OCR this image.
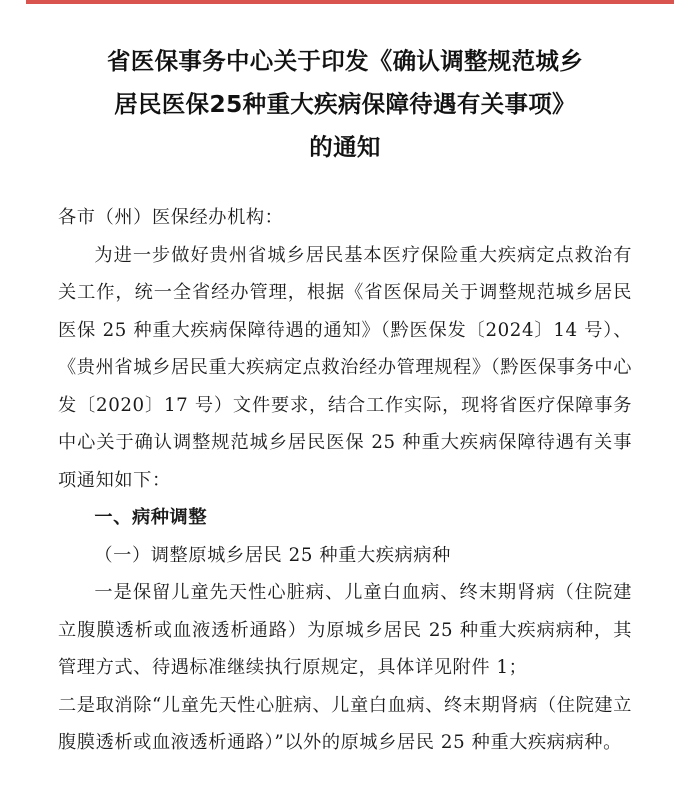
省医保事务中心关于印发《确认调整规范城乡
居民医保25种重大疾病保障待遇有关事项》
的通知
各市（州）医保经办机构：

为进一步做好贵州省城乡居民基本医疗保险重大疾病定点救治有关工作，统一全省经办管理，根据《省医保局关于调整规范城乡居民医保 25 种重大疾病保障待遇的通知》（黔医保发〔2024〕14 号）、《贵州省城乡居民重大疾病定点救治经办管理规程》（黔医保事务中心发〔2020〕17 号）文件要求，结合工作实际，现将省医疗保障事务中心关于确认调整规范城乡居民医保 25 种重大疾病保障待遇有关事项通知如下：

一、病种调整

（一）调整原城乡居民 25 种重大疾病病种

一是保留儿童先天性心脏病、儿童白血病、终末期肾病（住院建立腹膜透析或血液透析通路）为原城乡居民 25 种重大疾病病种，其管理方式、待遇标准继续执行原规定，具体详见附件 1；

二是取消除“儿童先天性心脏病、儿童白血病、终末期肾病（住院建立腹膜透析或血液透析通路）”以外的原城乡居民 25 种重大疾病病种。
